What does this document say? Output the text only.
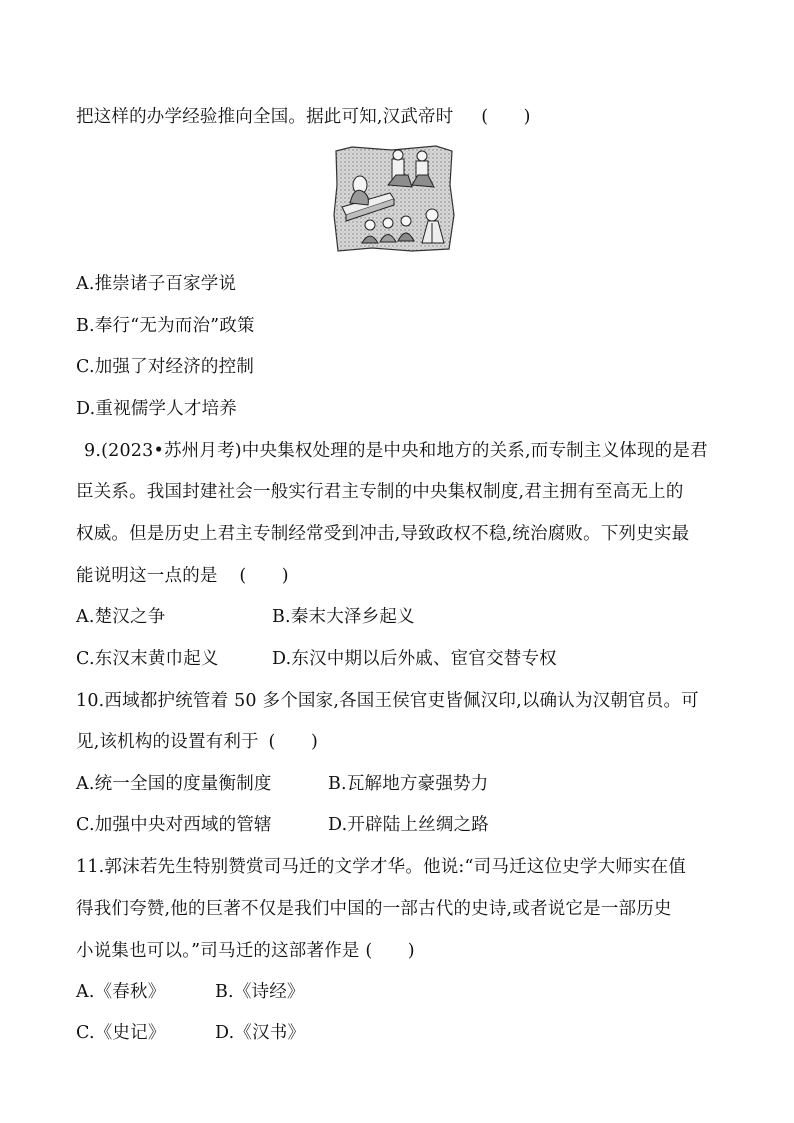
把这样的办学经验推向全国。据此可知,汉武帝时 (　　)
A.推崇诸子百家学说
B.奉行“无为而治”政策
C.加强了对经济的控制
D.重视儒学人才培养
9.(2023•苏州月考)中央集权处理的是中央和地方的关系,而专制主义体现的是君
臣关系。我国封建社会一般实行君主专制的中央集权制度,君主拥有至高无上的
权威。但是历史上君主专制经常受到冲击,导致政权不稳,统治腐败。下列史实最
能说明这一点的是 (　　)
A.楚汉之争	B.秦末大泽乡起义
C.东汉末黄巾起义	D.东汉中期以后外戚、宦官交替专权
10.西域都护统管着 50 多个国家,各国王侯官吏皆佩汉印,以确认为汉朝官员。可
见,该机构的设置有利于 (　　)
A.统一全国的度量衡制度	B.瓦解地方豪强势力
C.加强中央对西域的管辖	D.开辟陆上丝绸之路
11.郭沫若先生特别赞赏司马迁的文学才华。他说:“司马迁这位史学大师实在值
得我们夸赞,他的巨著不仅是我们中国的一部古代的史诗,或者说它是一部历史
小说集也可以。”司马迁的这部著作是 (　　)
A.《春秋》	B.《诗经》
C.《史记》	D.《汉书》
